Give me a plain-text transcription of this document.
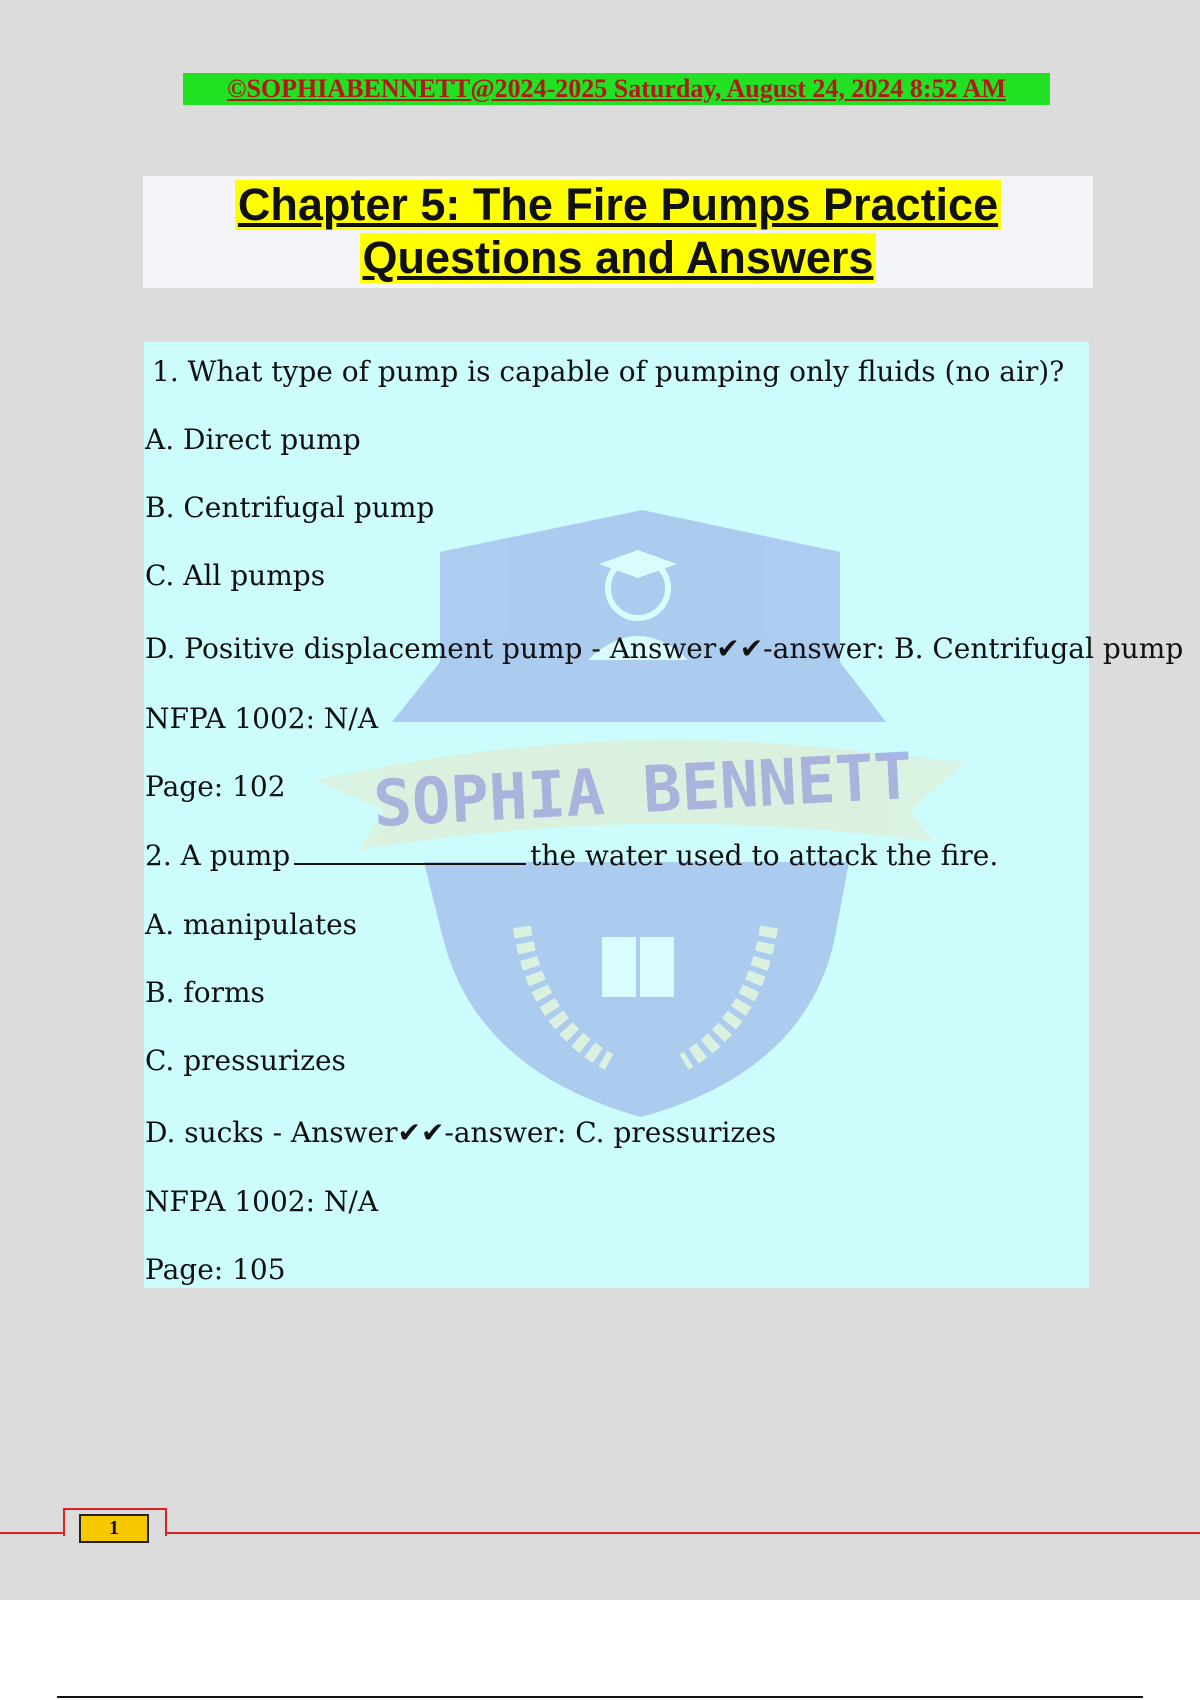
©SOPHIABENNETT@2024-2025 Saturday, August 24, 2024 8:52 AM
Chapter 5: The Fire Pumps Practice
Questions and Answers
SOPHIA BENNETT
1. What type of pump is capable of pumping only fluids (no air)?
A. Direct pump
B. Centrifugal pump
C. All pumps
D. Positive displacement pump - Answer✔✔-answer: B. Centrifugal pump
NFPA 1002: N/A
Page: 102
2. A pump	the water used to attack the fire.
A. manipulates
B. forms
C. pressurizes
D. sucks - Answer✔✔-answer: C. pressurizes
NFPA 1002: N/A
Page: 105
1
